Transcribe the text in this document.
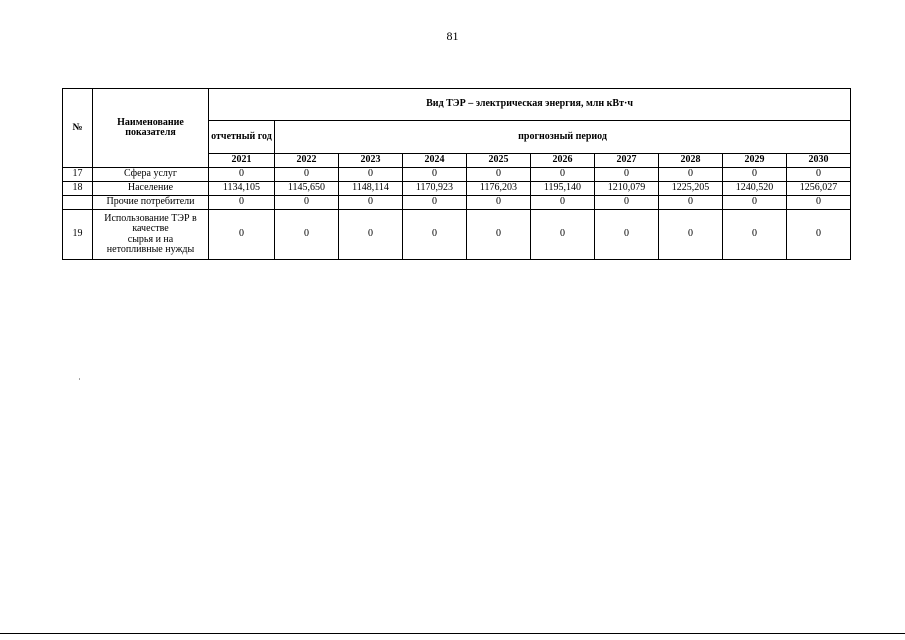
81
№	Наименование показателя	Вид ТЭР – электрическая энергия, млн кВт·ч									
		отчетный год	прогнозный период								
		2021	2022	2023	2024	2025	2026	2027	2028	2029	2030
17	Сфера услуг	0	0	0	0	0	0	0	0	0	0
18	Население	1134,105	1145,650	1148,114	1170,923	1176,203	1195,140	1210,079	1225,205	1240,520	1256,027
	Прочие потребители	0	0	0	0	0	0	0	0	0	0
19	Использование ТЭР в
качестве
сырья и на
нетопливные нужды	0	0	0	0	0	0	0	0	0	0
˙
